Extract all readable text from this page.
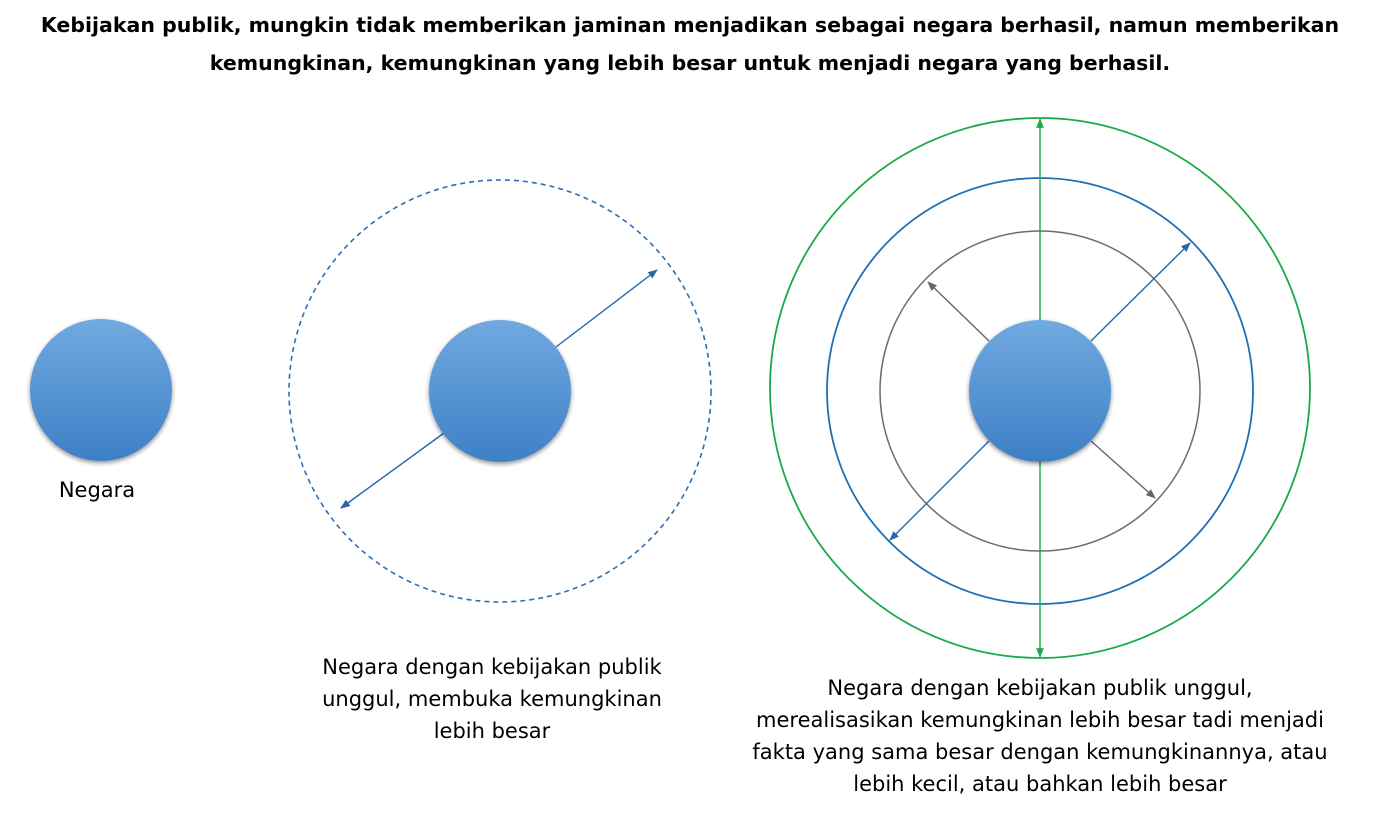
Kebijakan publik, mungkin tidak memberikan jaminan menjadikan sebagai negara berhasil, namun memberikan
kemungkinan, kemungkinan yang lebih besar untuk menjadi negara yang berhasil.
Negara
Negara dengan kebijakan publik
unggul, membuka kemungkinan
lebih besar
Negara dengan kebijakan publik unggul,
merealisasikan kemungkinan lebih besar tadi menjadi
fakta yang sama besar dengan kemungkinannya, atau
lebih kecil, atau bahkan lebih besar
